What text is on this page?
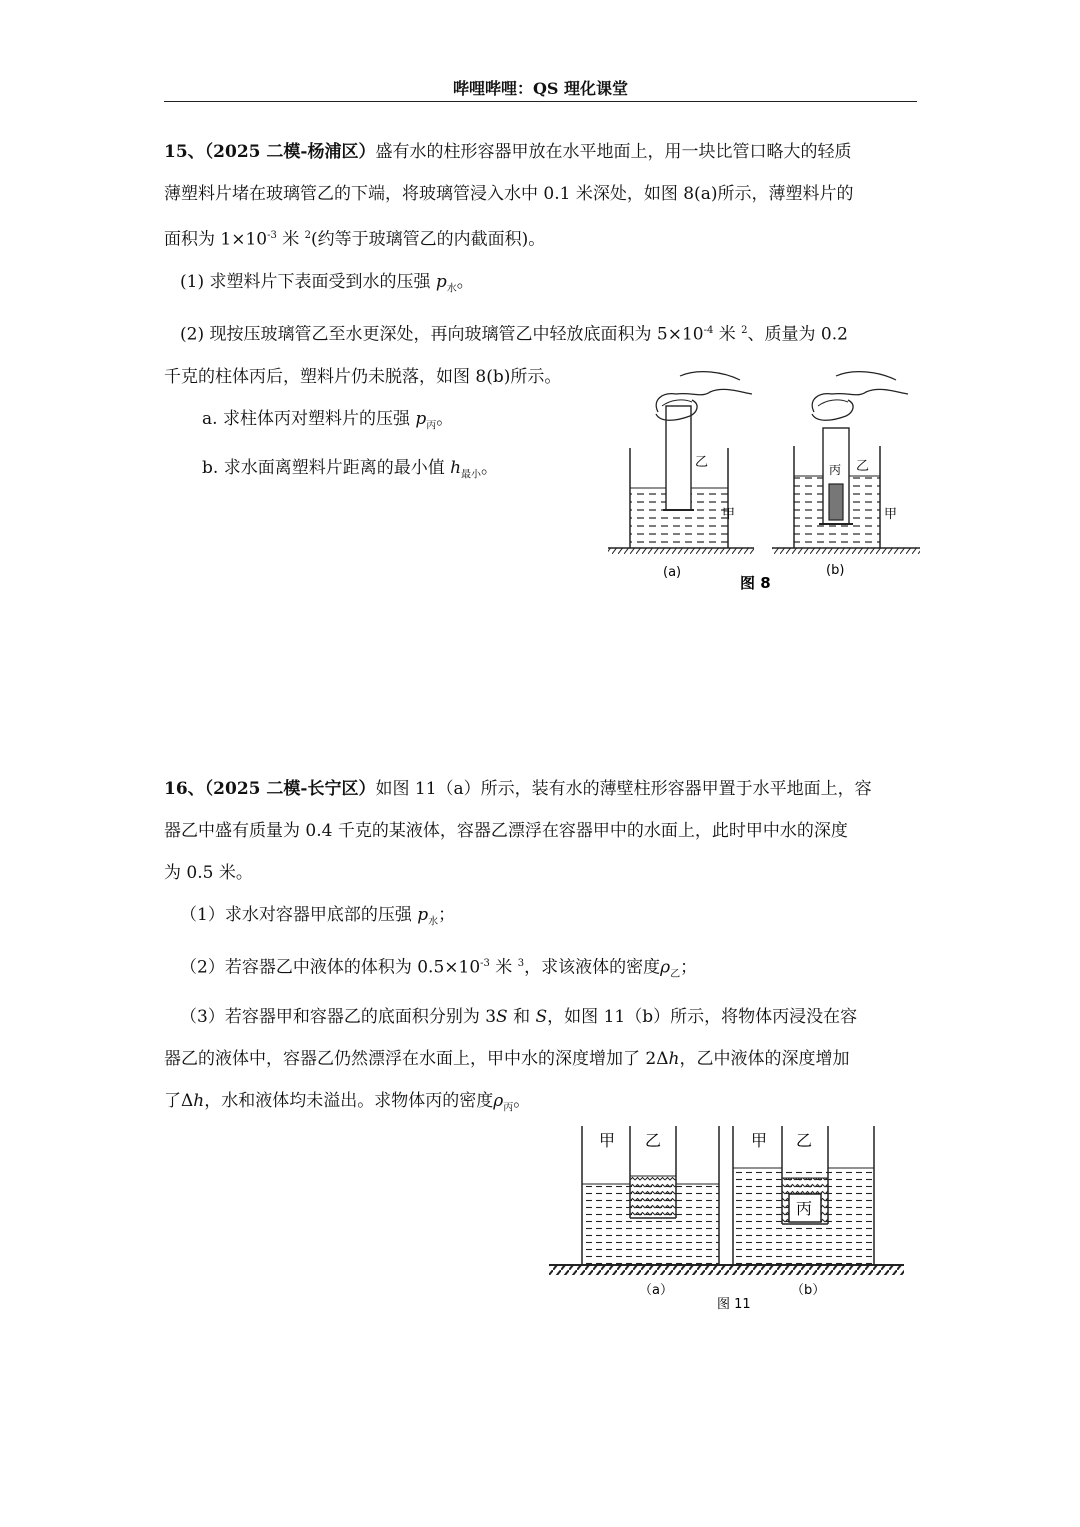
哔哩哔哩：QS 理化课堂
15、（2025 二模-杨浦区）盛有水的柱形容器甲放在水平地面上，用一块比管口略大的轻质
薄塑料片堵在玻璃管乙的下端，将玻璃管浸入水中 0.1 米深处，如图 8(a)所示，薄塑料片的
面积为 $1\times 10^{-3}$ 米 $^2$(约等于玻璃管乙的内截面积)。
(1) 求塑料片下表面受到水的压强 $p_水$。
(2) 现按压玻璃管乙至水更深处，再向玻璃管乙中轻放底面积为 $5\times 10^{-4}$ 米 $^2$、质量为 0.2
千克的柱体丙后，塑料片仍未脱落，如图 8(b)所示。
a. 求柱体丙对塑料片的压强 $p_丙$。
b. 求水面离塑料片距离的最小值 $h_{最小}$。	乙
甲
(a)
丙 乙
甲
(b)
图 8
16、（2025 二模-长宁区）如图 11（a）所示，装有水的薄壁柱形容器甲置于水平地面上，容
器乙中盛有质量为 0.4 千克的某液体，容器乙漂浮在容器甲中的水面上，此时甲中水的深度
为 0.5 米。
（1）求水对容器甲底部的压强 $p_水$；
（2）若容器乙中液体的体积为 $0.5\times 10^{-3}$ 米 $^3$，求该液体的密度$\rho_乙$；
（3）若容器甲和容器乙的底面积分别为 3S 和 S，如图 11（b）所示，将物体丙浸没在容
器乙的液体中，容器乙仍然漂浮在水面上，甲中水的深度增加了 2Δh，乙中液体的深度增加
了Δh，水和液体均未溢出。求物体丙的密度$\rho_丙$。
甲 乙
（a）
丙
甲 乙
（b）
图 11
